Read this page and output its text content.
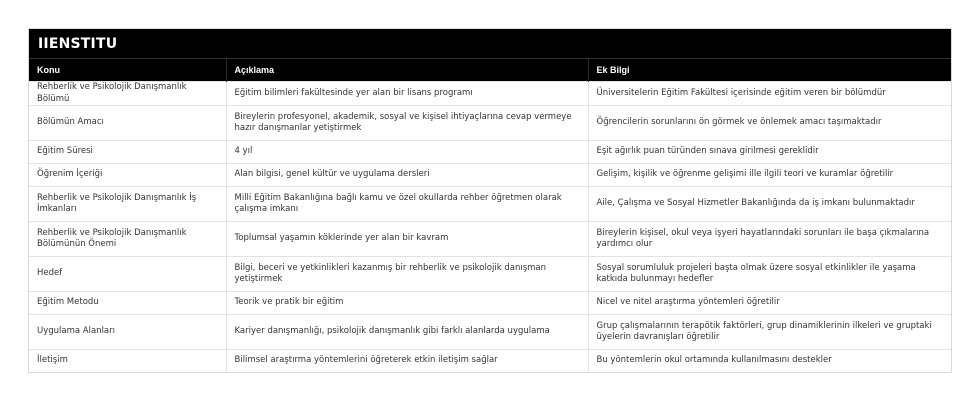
IIENSTITU
Konu	Açıklama	Ek Bilgi
Rehberlik ve Psikolojik Danışmanlık Bölümü	Eğitim bilimleri fakültesinde yer alan bir lisans programı	Üniversitelerin Eğitim Fakültesi içerisinde eğitim veren bir bölümdür
Bölümün Amacı	Bireylerin profesyonel, akademik, sosyal ve kişisel ihtiyaçlarına cevap vermeye hazır danışmanlar yetiştirmek	Öğrencilerin sorunlarını ön görmek ve önlemek amacı taşımaktadır
Eğitim Süresi	4 yıl	Eşit ağırlık puan türünden sınava girilmesi gereklidir
Öğrenim İçeriği	Alan bilgisi, genel kültür ve uygulama dersleri	Gelişim, kişilik ve öğrenme gelişimi ille ilgili teori ve kuramlar öğretilir
Rehberlik ve Psikolojik Danışmanlık İş İmkanları	Milli Eğitim Bakanlığına bağlı kamu ve özel okullarda rehber öğretmen olarak çalışma imkanı	Aile, Çalışma ve Sosyal Hizmetler Bakanlığında da iş imkanı bulunmaktadır
Rehberlik ve Psikolojik Danışmanlık Bölümünün Önemi	Toplumsal yaşamın köklerinde yer alan bir kavram	Bireylerin kişisel, okul veya işyeri hayatlarındaki sorunları ile başa çıkmalarına yardımcı olur
Hedef	Bilgi, beceri ve yetkinlikleri kazanmış bir rehberlik ve psikolojik danışman yetiştirmek	Sosyal sorumluluk projeleri başta olmak üzere sosyal etkinlikler ile yaşama katkıda bulunmayı hedefler
Eğitim Metodu	Teorik ve pratik bir eğitim	Nicel ve nitel araştırma yöntemleri öğretilir
Uygulama Alanları	Kariyer danışmanlığı, psikolojik danışmanlık gibi farklı alanlarda uygulama	Grup çalışmalarının terapötik faktörleri, grup dinamiklerinin ilkeleri ve gruptaki üyelerin davranışları öğretilir
İletişim	Bilimsel araştırma yöntemlerini öğreterek etkin iletişim sağlar	Bu yöntemlerin okul ortamında kullanılmasını destekler
